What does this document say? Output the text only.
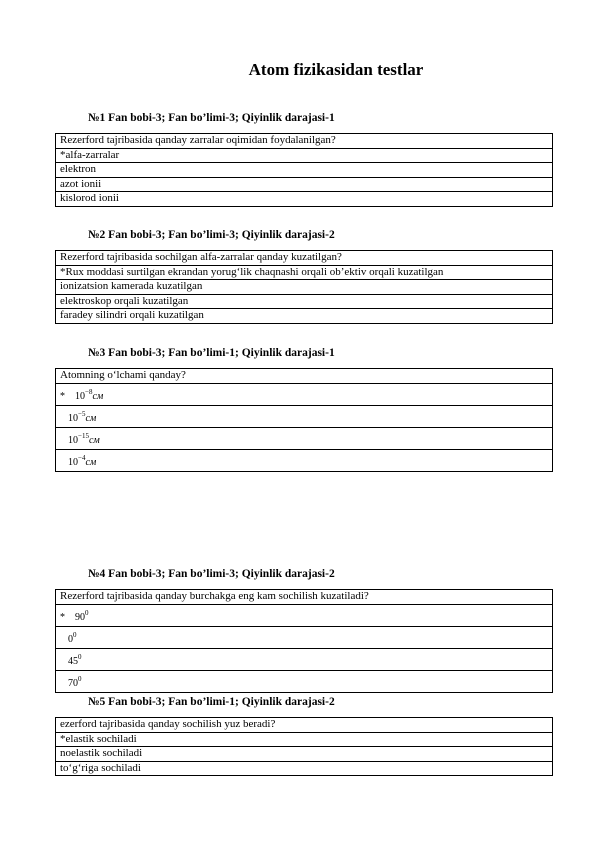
Atom fizikasidan testlar
№1 Fan bobi-3; Fan bo’limi-3; Qiyinlik darajasi-1
Rezerford tajribasida qanday zarralar oqimidan foydalanilgan?
*alfa-zarralar
elektron
azot ionii
kislorod ionii
№2 Fan bobi-3; Fan bo’limi-3; Qiyinlik darajasi-2
Rezerford tajribasida sochilgan alfa-zarralar qanday kuzatilgan?
*Rux moddasi surtilgan ekrandan yorug‘lik chaqnashi orqali ob’ektiv orqali kuzatilgan
ionizatsion kamerada kuzatilgan
elektroskop orqali kuzatilgan
faradey silindri orqali kuzatilgan
№3 Fan bobi-3; Fan bo’limi-1; Qiyinlik darajasi-1
Atomning o‘lchami qanday?
* $10^{-8}см$
$10^{-5}см$
$10^{-15}см$
$10^{-4}см$
№4 Fan bobi-3; Fan bo’limi-3; Qiyinlik darajasi-2
Rezerford tajribasida qanday burchakga eng kam sochilish kuzatiladi?
* $90^0$
$0^0$
$45^0$
$70^0$
№5 Fan bobi-3; Fan bo’limi-1; Qiyinlik darajasi-2
ezerford tajribasida qanday sochilish yuz beradi?
*elastik sochiladi
noelastik sochiladi
to‘g‘riga sochiladi
